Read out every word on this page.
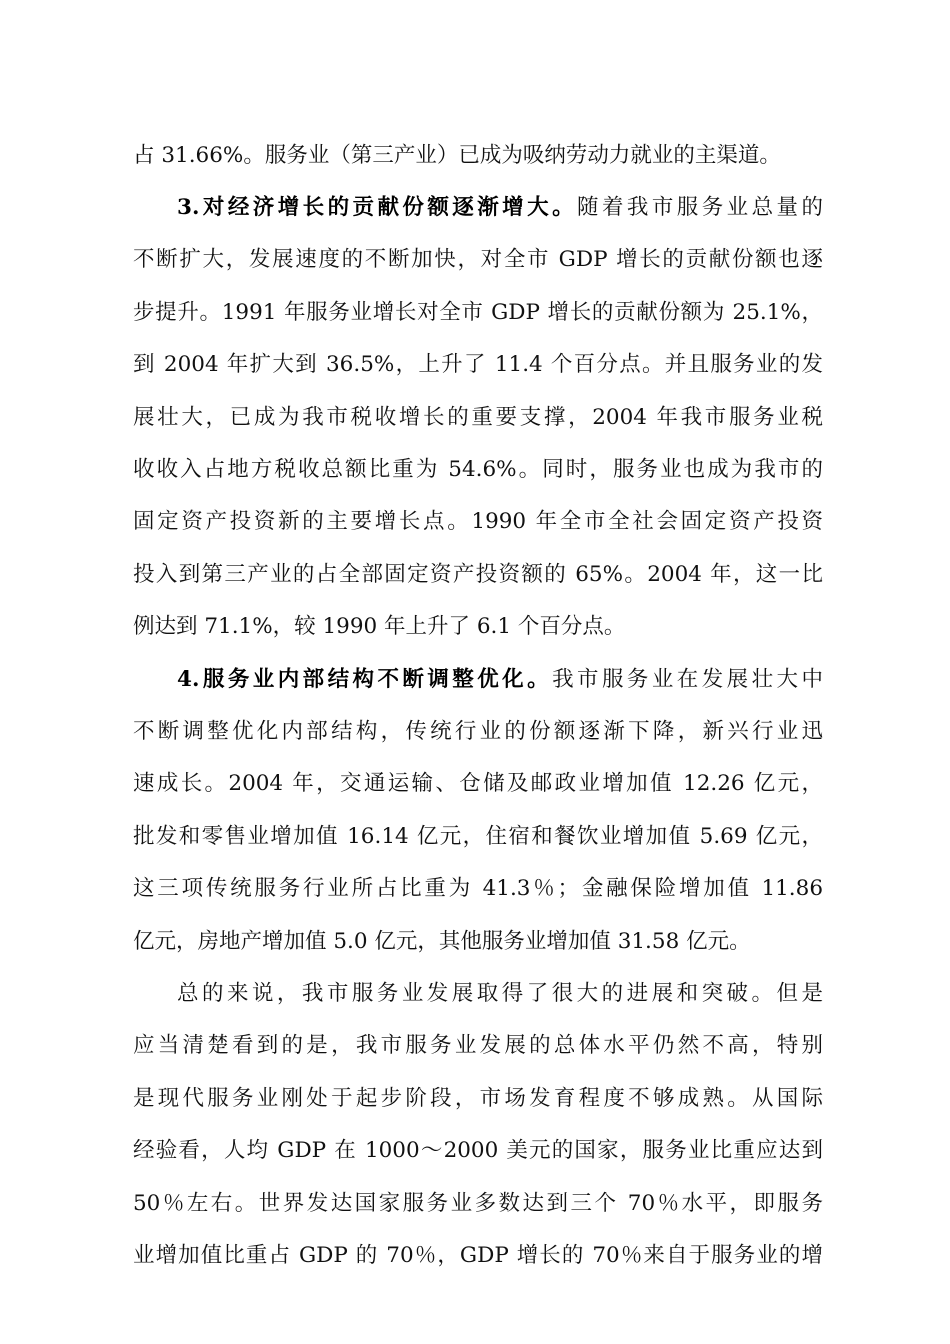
占 31.66%。服务业（第三产业）已成为吸纳劳动力就业的主渠道。
3.对经济增长的贡献份额逐渐增大。随着我市服务业总量的
不断扩大，发展速度的不断加快，对全市 GDP 增长的贡献份额也逐
步提升。1991 年服务业增长对全市 GDP 增长的贡献份额为 25.1%，
到 2004 年扩大到 36.5%，上升了 11.4 个百分点。并且服务业的发
展壮大，已成为我市税收增长的重要支撑，2004 年我市服务业税
收收入占地方税收总额比重为 54.6%。同时，服务业也成为我市的
固定资产投资新的主要增长点。1990 年全市全社会固定资产投资
投入到第三产业的占全部固定资产投资额的 65%。2004 年，这一比
例达到 71.1%，较 1990 年上升了 6.1 个百分点。
4.服务业内部结构不断调整优化。我市服务业在发展壮大中
不断调整优化内部结构，传统行业的份额逐渐下降，新兴行业迅
速成长。2004 年，交通运输、仓储及邮政业增加值 12.26 亿元，
批发和零售业增加值 16.14 亿元，住宿和餐饮业增加值 5.69 亿元，
这三项传统服务行业所占比重为 41.3％；金融保险增加值 11.86
亿元，房地产增加值 5.0 亿元，其他服务业增加值 31.58 亿元。
总的来说，我市服务业发展取得了很大的进展和突破。但是
应当清楚看到的是，我市服务业发展的总体水平仍然不高，特别
是现代服务业刚处于起步阶段，市场发育程度不够成熟。从国际
经验看，人均 GDP 在 1000～2000 美元的国家，服务业比重应达到
50％左右。世界发达国家服务业多数达到三个 70％水平，即服务
业增加值比重占 GDP 的 70％，GDP 增长的 70％来自于服务业的增
